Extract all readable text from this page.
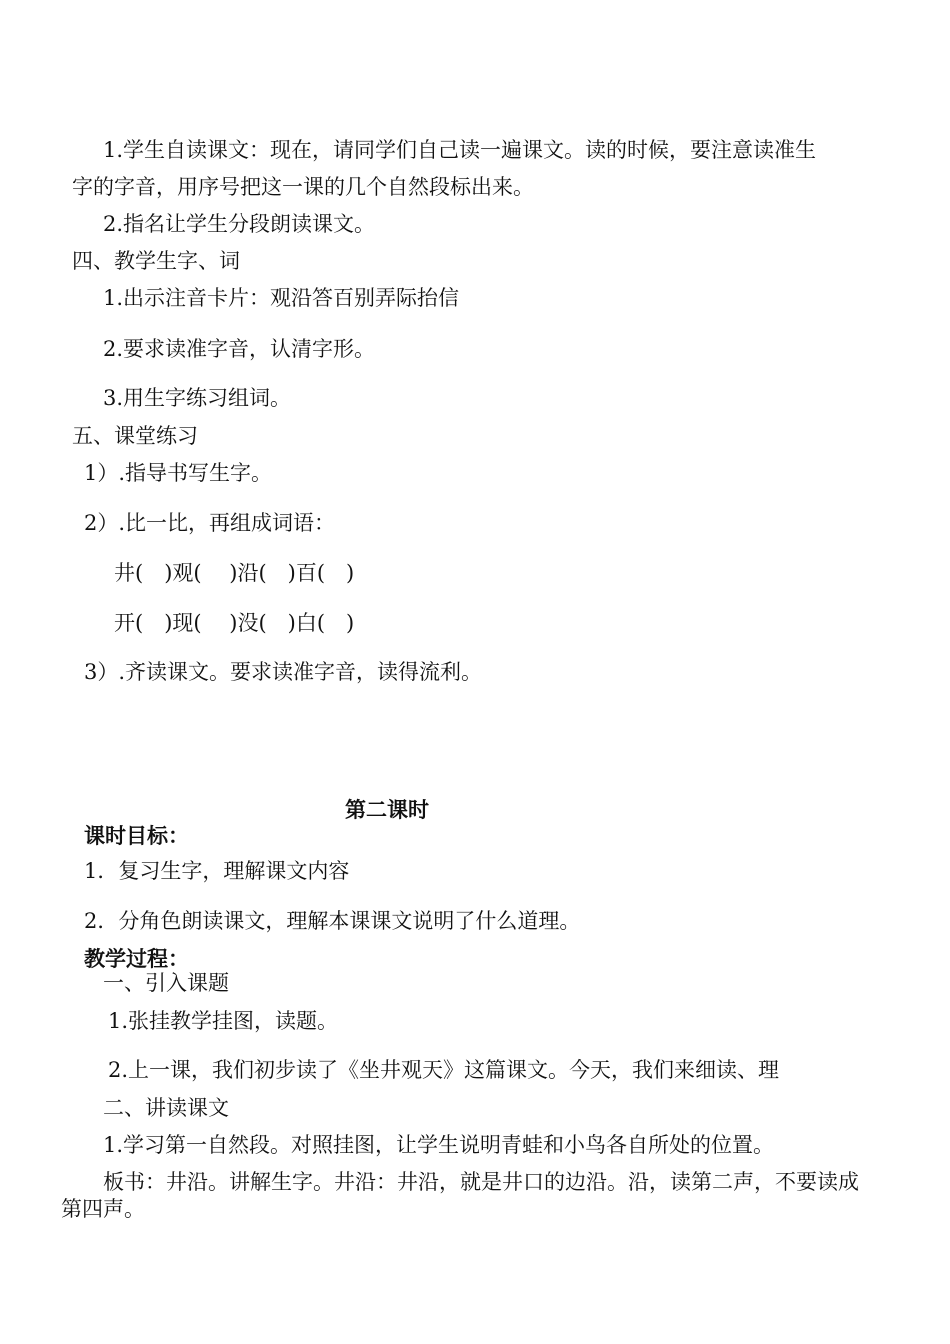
1.学生自读课文：现在，请同学们自己读一遍课文。读的时候，要注意读准生
字的字音，用序号把这一课的几个自然段标出来。
2.指名让学生分段朗读课文。
四、教学生字、词
1.出示注音卡片：观沿答百别弄际抬信
2.要求读准字音，认清字形。
3.用生字练习组词。
五、课堂练习
1）.指导书写生字。
2）.比一比，再组成词语：
井(　)观(　 )沿(　)百(　)
开(　)现(　 )没(　)白(　)
3）.齐读课文。要求读准字音，读得流利。
第二课时
课时目标：
1．复习生字，理解课文内容
2．分角色朗读课文，理解本课课文说明了什么道理。
教学过程：
一、引入课题
1.张挂教学挂图，读题。
2.上一课，我们初步读了《坐井观天》这篇课文。今天，我们来细读、理
二、讲读课文
1.学习第一自然段。对照挂图，让学生说明青蛙和小鸟各自所处的位置。
板书：井沿。讲解生字。井沿：井沿，就是井口的边沿。沿，读第二声，不要读成
第四声。
